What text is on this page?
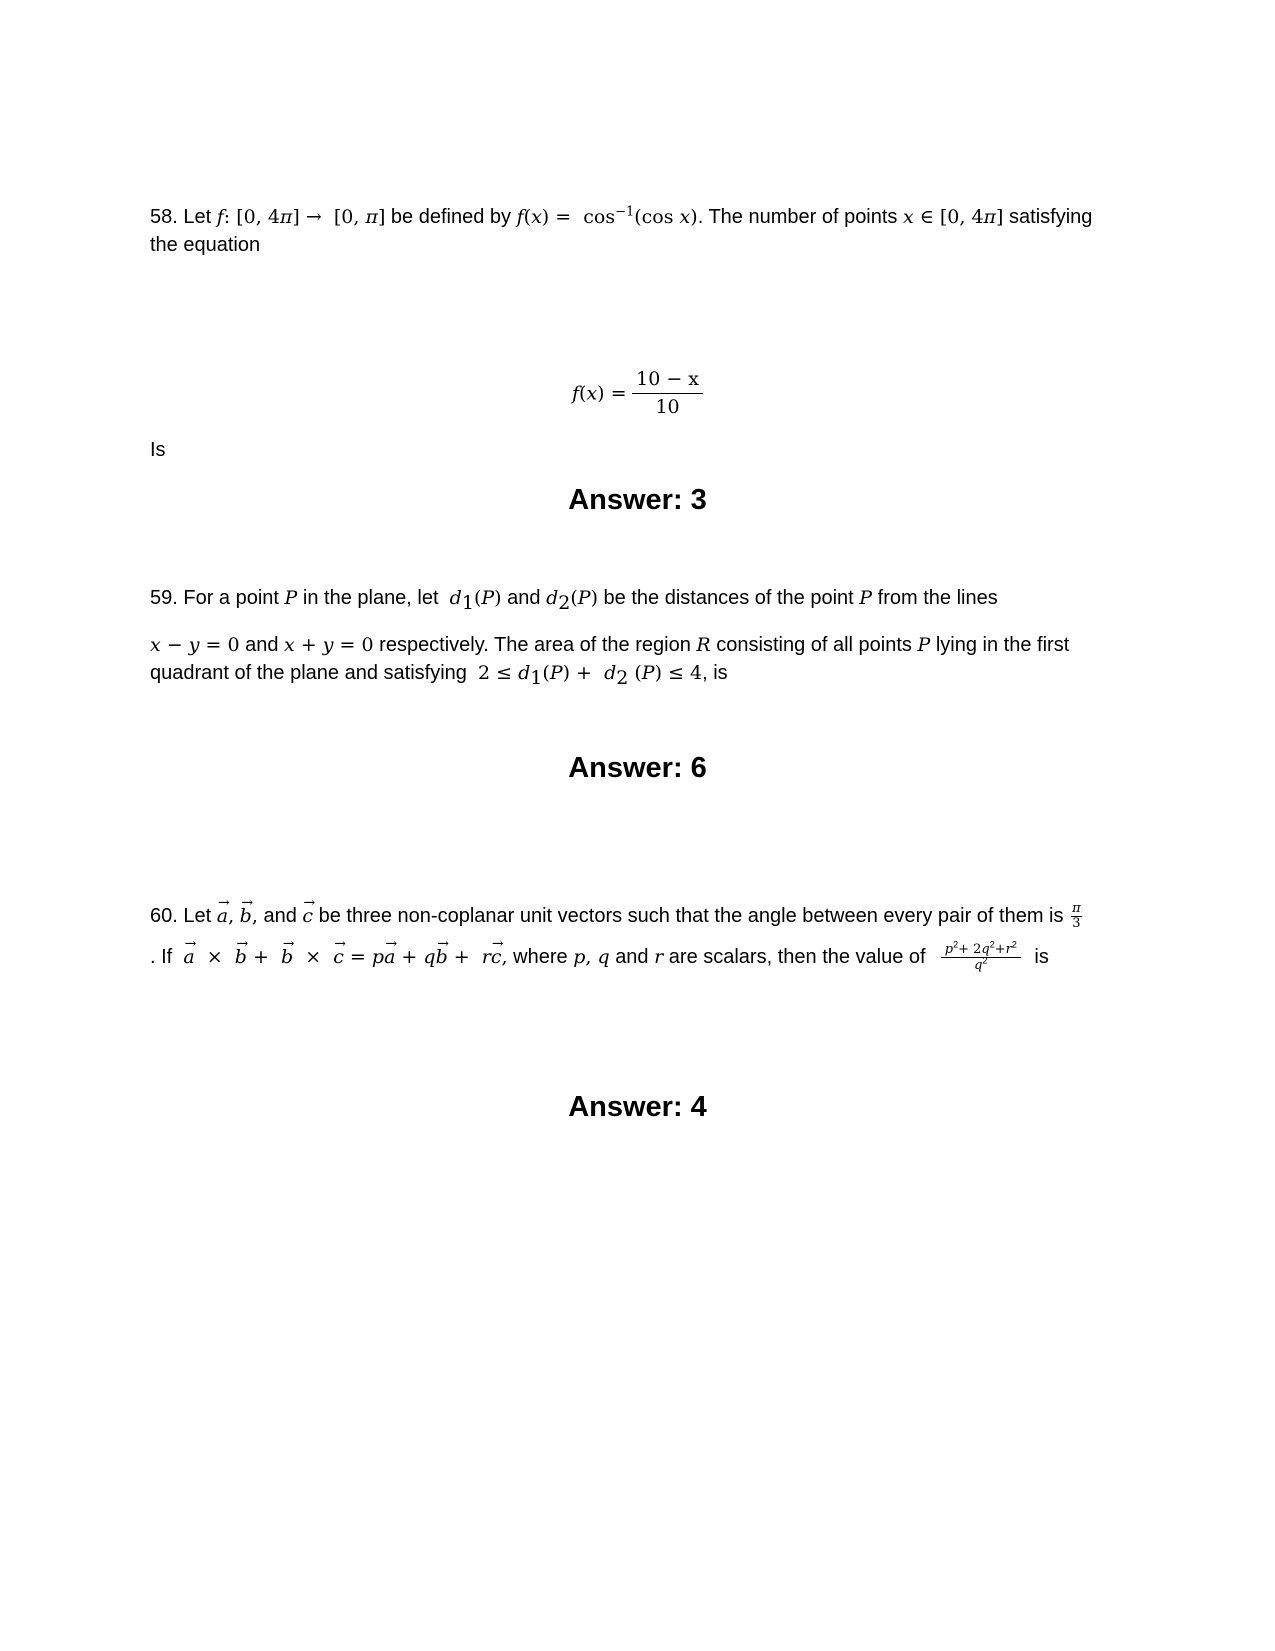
58. Let f: [0, 4π] →  [0, π] be defined by $f(x) = \cos^{-1}(\cos$ x). The number of points x ∈ [0, 4π] satisfying
the equation
$f(x) = \frac{10 - x}{10}$
Is
Answer: 3
59. For a point P in the plane, let $d_1(P)$ and $d_2(P)$ be the distances of the point P from the lines
x − y = 0 and x + y = 0 respectively. The area of the region R consisting of all points P lying in the first
quadrant of the plane and satisfying $2 \le d_1(P) + d_2$ (P) ≤ 4, is
Answer: 6
60. Let → a, → b, and → c be three non-coplanar unit vectors such that the angle between every pair of them is $\frac{\pi}{3}$
. If → a  ×  → b +  → b  ×  → c = p→ a + q→ b +  r→ c, where p, q and r are scalars, then the value of $\frac{p^2+ 2q^2+r^2}{q^2}$ is
Answer: 4
